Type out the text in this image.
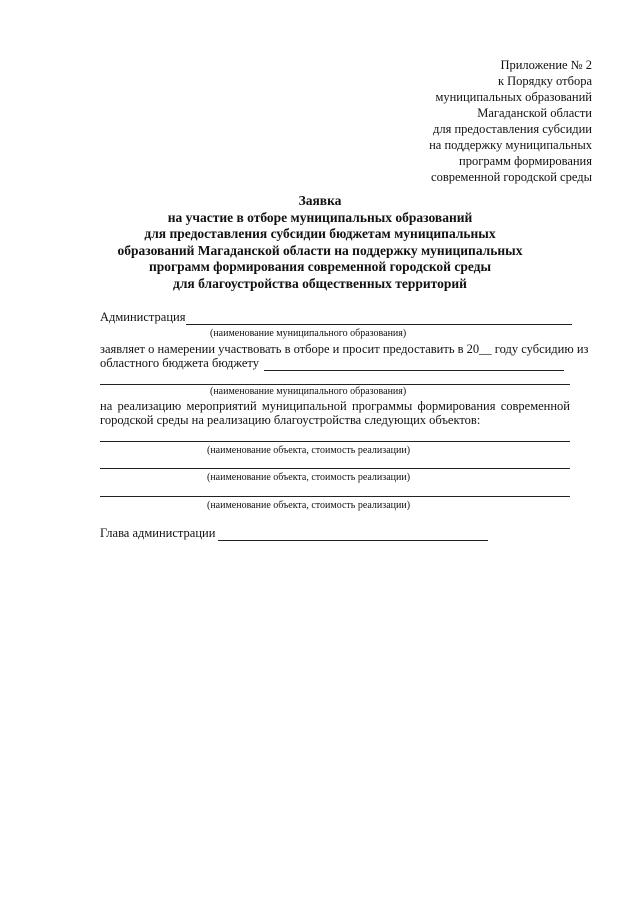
Приложение № 2
к Порядку отбора
муниципальных образований
Магаданской области
для предоставления субсидии
на поддержку муниципальных
программ формирования
современной городской среды
Заявка
на участие в отборе муниципальных образований
для предоставления субсидии бюджетам муниципальных
образований Магаданской области на поддержку муниципальных
программ формирования современной городской среды
для благоустройства общественных территорий
Администрация
(наименование муниципального образования)
заявляет о намерении участвовать в отборе и просит предоставить в 20__ году субсидию из
областного бюджета бюджету
(наименование муниципального образования)
на реализацию мероприятий муниципальной программы формирования современной
городской среды на реализацию благоустройства следующих объектов:
(наименование объекта, стоимость реализации)
(наименование объекта, стоимость реализации)
(наименование объекта, стоимость реализации)
Глава администрации
